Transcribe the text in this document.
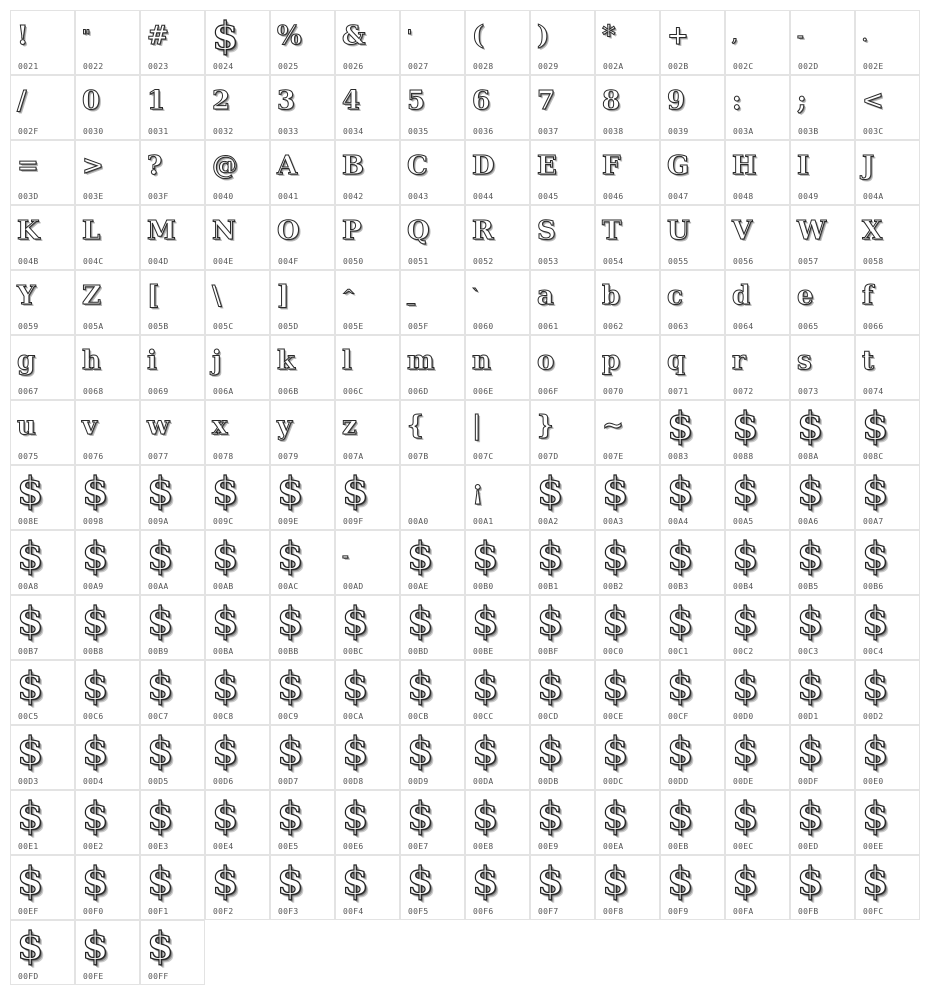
!
0021
"
0022
#
0023
$
0024
%
0025
&
0026
'
0027
(
0028
)
0029
*
002A
+
002B
,
002C
-
002D
.
002E
/
002F
0
0030
1
0031
2
0032
3
0033
4
0034
5
0035
6
0036
7
0037
8
0038
9
0039
:
003A
;
003B
<
003C
=
003D
>
003E
?
003F
@
0040
A
0041
B
0042
C
0043
D
0044
E
0045
F
0046
G
0047
H
0048
I
0049
J
004A
K
004B
L
004C
M
004D
N
004E
O
004F
P
0050
Q
0051
R
0052
S
0053
T
0054
U
0055
V
0056
W
0057
X
0058
Y
0059
Z
005A
[
005B
\
005C
]
005D
^
005E
_
005F
`
0060
a
0061
b
0062
c
0063
d
0064
e
0065
f
0066
g
0067
h
0068
i
0069
j
006A
k
006B
l
006C
m
006D
n
006E
o
006F
p
0070
q
0071
r
0072
s
0073
t
0074
u
0075
v
0076
w
0077
x
0078
y
0079
z
007A
{
007B
|
007C
}
007D
~
007E
$
0083
$
0088
$
008A
$
008C
$
008E
$
0098
$
009A
$
009C
$
009E
$
009F	00A0
¡
00A1
$
00A2
$
00A3
$
00A4
$
00A5
$
00A6
$
00A7
$
00A8
$
00A9
$
00AA
$
00AB
$
00AC
-
00AD
$
00AE
$
00B0
$
00B1
$
00B2
$
00B3
$
00B4
$
00B5
$
00B6
$
00B7
$
00B8
$
00B9
$
00BA
$
00BB
$
00BC
$
00BD
$
00BE
$
00BF
$
00C0
$
00C1
$
00C2
$
00C3
$
00C4
$
00C5
$
00C6
$
00C7
$
00C8
$
00C9
$
00CA
$
00CB
$
00CC
$
00CD
$
00CE
$
00CF
$
00D0
$
00D1
$
00D2
$
00D3
$
00D4
$
00D5
$
00D6
$
00D7
$
00D8
$
00D9
$
00DA
$
00DB
$
00DC
$
00DD
$
00DE
$
00DF
$
00E0
$
00E1
$
00E2
$
00E3
$
00E4
$
00E5
$
00E6
$
00E7
$
00E8
$
00E9
$
00EA
$
00EB
$
00EC
$
00ED
$
00EE
$
00EF
$
00F0
$
00F1
$
00F2
$
00F3
$
00F4
$
00F5
$
00F6
$
00F7
$
00F8
$
00F9
$
00FA
$
00FB
$
00FC
$
00FD
$
00FE
$
00FF
